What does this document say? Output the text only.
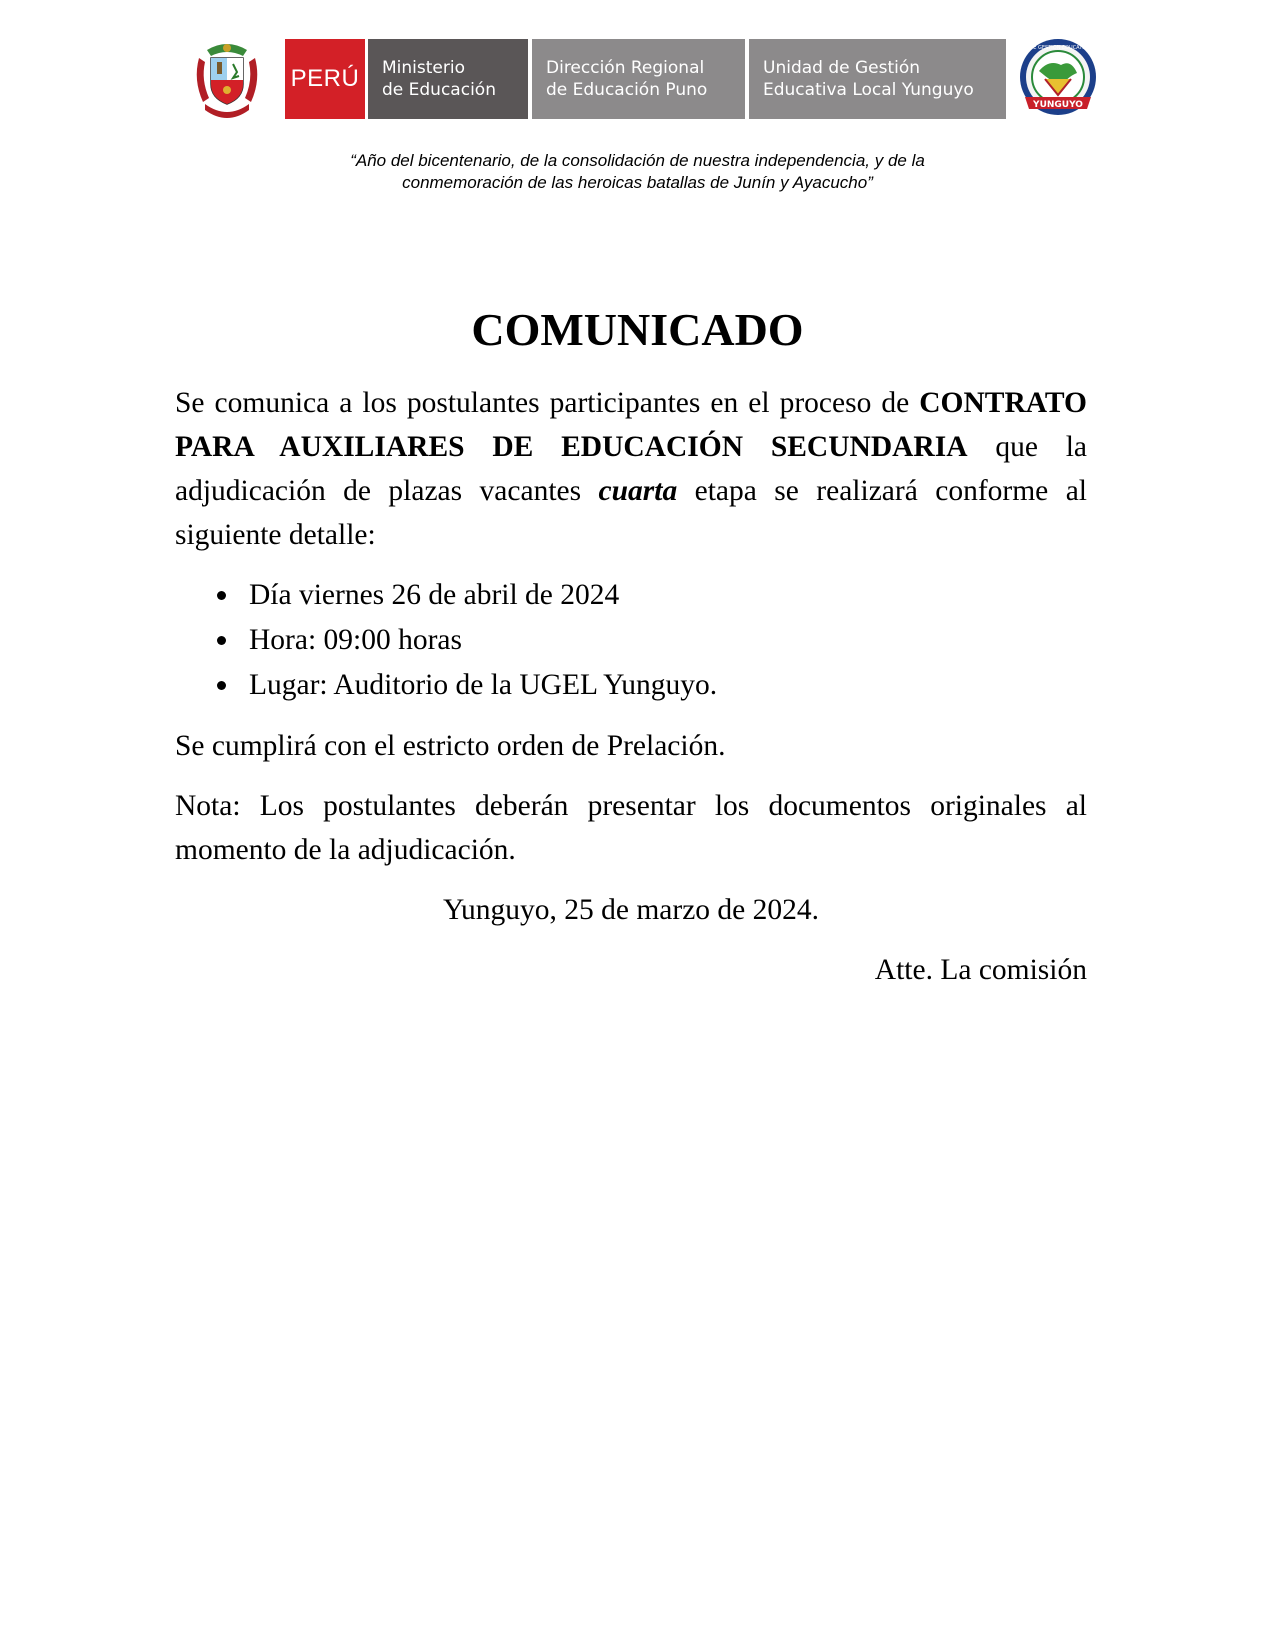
PERÚ Ministerio
de Educación
Dirección Regional
de Educación Puno
Unidad de Gestión
Educativa Local Yunguyo
YUNGUYO
UNIDAD DE GESTION EDUCATIVA LOCAL
“Año del bicentenario, de la consolidación de nuestra independencia, y de la
conmemoración de las heroicas batallas de Junín y Ayacucho”
COMUNICADO

Se comunica a los postulantes participantes en el proceso de CONTRATO PARA AUXILIARES DE EDUCACIÓN SECUNDARIA que la adjudicación de plazas vacantes cuarta etapa se realizará conforme al siguiente detalle:

Día viernes 26 de abril de 2024
Hora: 09:00 horas
Lugar: Auditorio de la UGEL Yunguyo.

Se cumplirá con el estricto orden de Prelación.

Nota: Los postulantes deberán presentar los documentos originales al momento de la adjudicación.

Yunguyo, 25 de marzo de 2024.
Atte. La comisión
